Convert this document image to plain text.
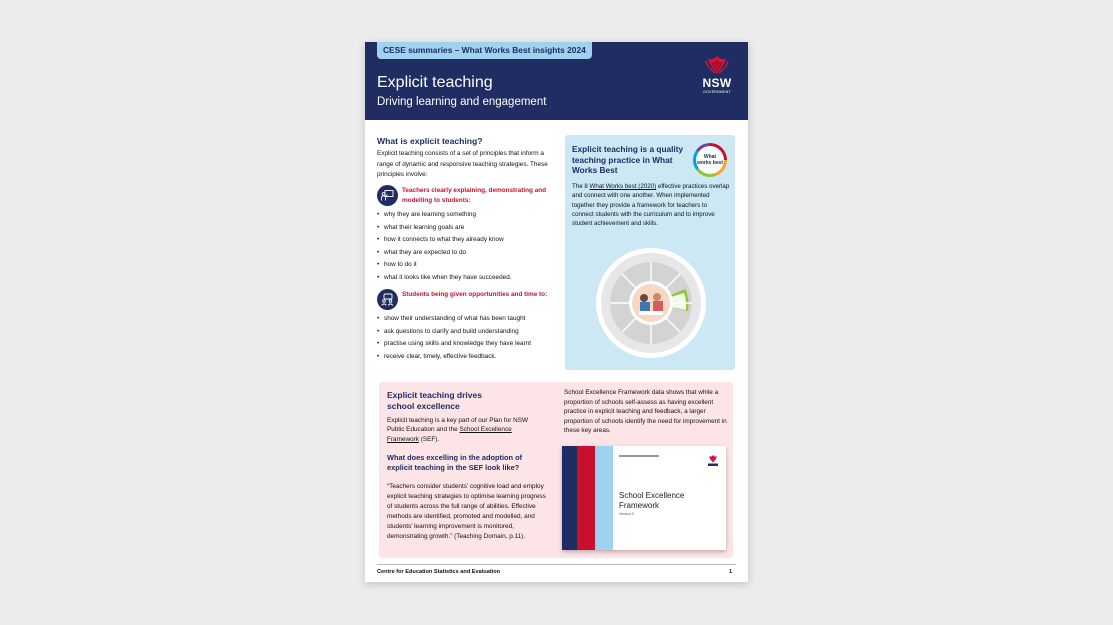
CESE summaries – What Works Best insights 2024
Explicit teaching
Driving learning and engagement
NSW
GOVERNMENT
What is explicit teaching?
Explicit teaching consists of a set of principles that inform a range of dynamic and responsive teaching strategies. These principles involve:
Teachers clearly explaining, demonstrating and modelling to students:
• why they are learning something
• what their learning goals are
• how it connects to what they already know
• what they are expected to do
• how to do it
• what it looks like when they have succeeded.
Students being given opportunities and time to:
• show their understanding of what has been taught
• ask questions to clarify and build understanding
• practise using skills and knowledge they have learnt
• receive clear, timely, effective feedback.
Explicit teaching is a quality teaching practice in What Works Best
What works best
The 8 What Works best (2020) effective practices overlap and connect with one another. When implemented together they provide a framework for teachers to connect students with the curriculum and to improve student achievement and skills.
Explicit teaching drives school excellence
Explicit teaching is a key part of our Plan for NSW Public Education and the School Excellence Framework (SEF).
What does excelling in the adoption of explicit teaching in the SEF look like?
“Teachers consider students’ cognitive load and employ explicit teaching strategies to optimise learning progress of students across the full range of abilities. Effective methods are identified, promoted and modelled, and students’ learning improvement is monitored, demonstrating growth.” (Teaching Domain, p.11).
School Excellence Framework data shows that while a proportion of schools self-assess as having excellent practice in explicit teaching and feedback, a larger proportion of schools identify the need for improvement in these key areas.
School Excellence Framework
Version 3
Centre for Education Statistics and Evaluation	1
